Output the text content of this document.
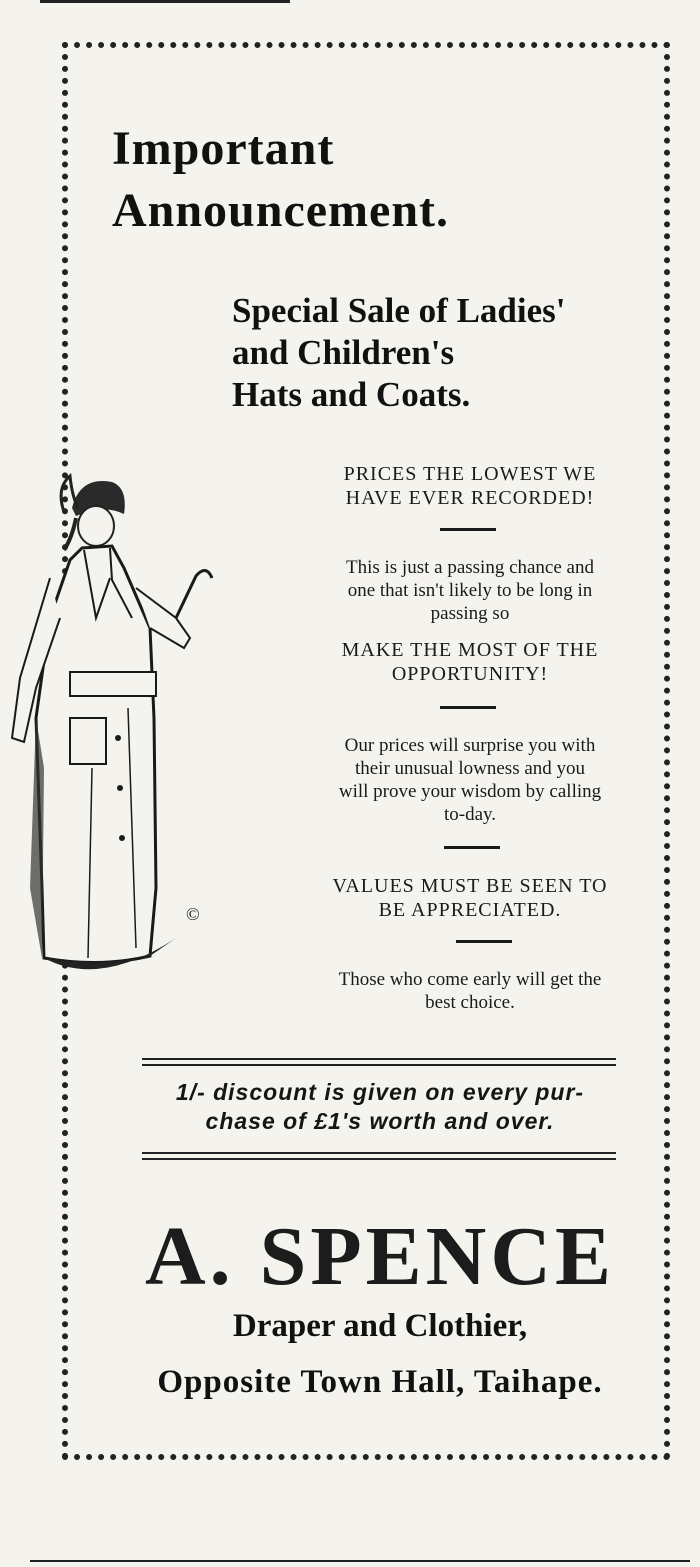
Important
Announcement.
Special Sale of Ladies'
and Children's
Hats and Coats.
©
PRICES THE LOWEST WE
HAVE EVER RECORDED!
This is just a passing chance and
one that isn't likely to be long in
passing so
MAKE THE MOST OF THE
OPPORTUNITY!
Our prices will surprise you with
their unusual lowness and you
will prove your wisdom by calling
to-day.
VALUES MUST BE SEEN TO
BE APPRECIATED.
Those who come early will get the
best choice.
1/- discount is given on every pur-
chase of £1's worth and over.
A. SPENCE
Draper and Clothier,
Opposite Town Hall, Taihape.
